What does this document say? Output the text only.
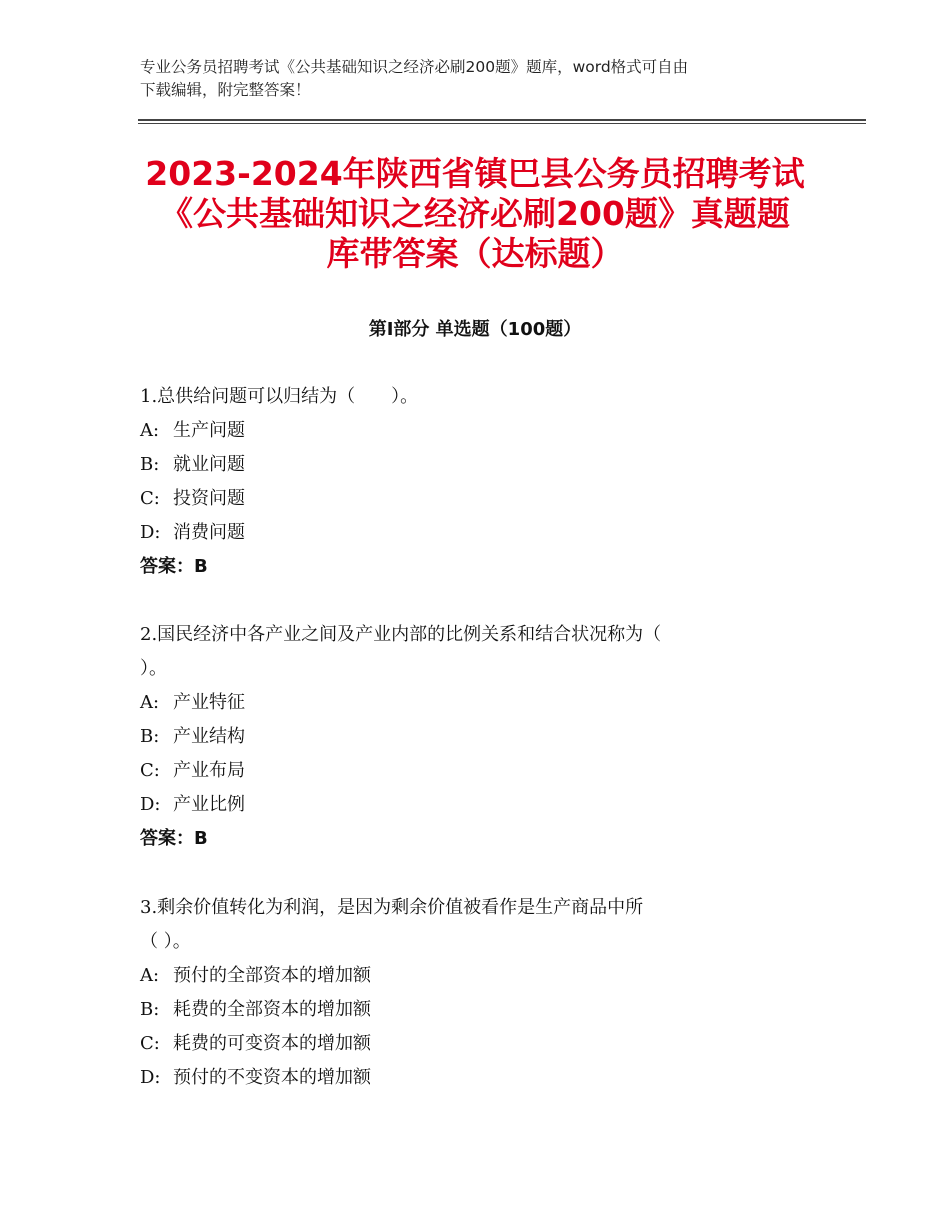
专业公务员招聘考试《公共基础知识之经济必刷200题》题库，word格式可自由
下载编辑，附完整答案！
2023-2024年陕西省镇巴县公务员招聘考试
《公共基础知识之经济必刷200题》真题题
库带答案（达标题）
第Ⅰ部分 单选题（100题）
1.总供给问题可以归结为（　　）。
A: 生产问题
B: 就业问题
C: 投资问题
D: 消费问题
答案：B
2.国民经济中各产业之间及产业内部的比例关系和结合状况称为（
）。
A: 产业特征
B: 产业结构
C: 产业布局
D: 产业比例
答案：B
3.剩余价值转化为利润，是因为剩余价值被看作是生产商品中所
（ ）。
A: 预付的全部资本的增加额
B: 耗费的全部资本的增加额
C: 耗费的可变资本的增加额
D: 预付的不变资本的增加额
